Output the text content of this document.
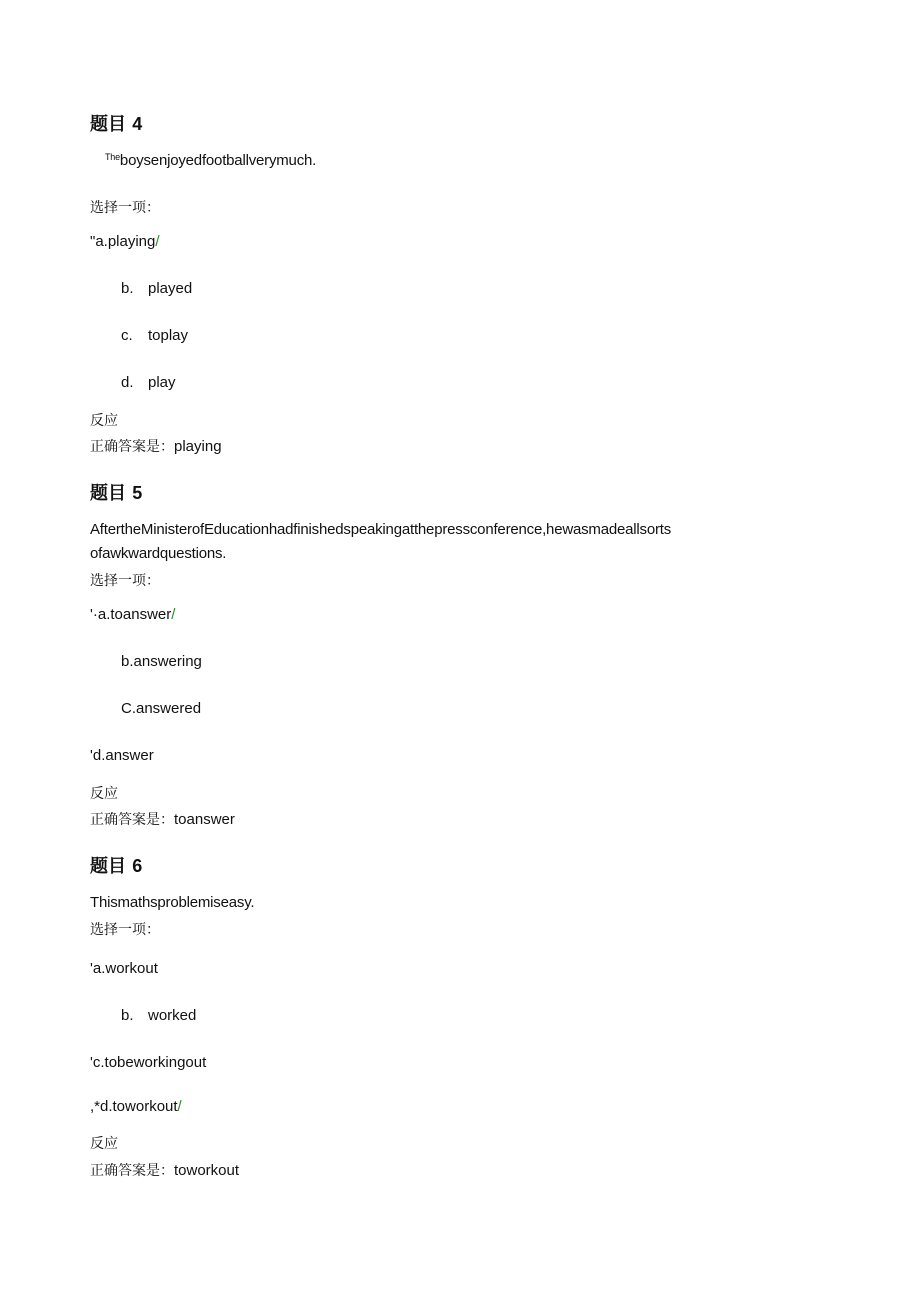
题目 4
$^{The}$boysenjoyedfootballverymuch.
选择一项：
"a.playing/
b. played
c. toplay
d. play
反应
正确答案是：playing
题目 5
AftertheMinisterofEducationhadfinishedspeakingatthepressconference,hewasmadeallsorts
ofawkwardquestions.
选择一项：
'·a.toanswer/
b.answering
C.answered
'd.answer
反应
正确答案是：toanswer
题目 6
Thismathsproblemiseasy.
选择一项：
'a.workout
b. worked
'c.tobeworkingout
,*d.toworkout/
反应
正确答案是：toworkout
